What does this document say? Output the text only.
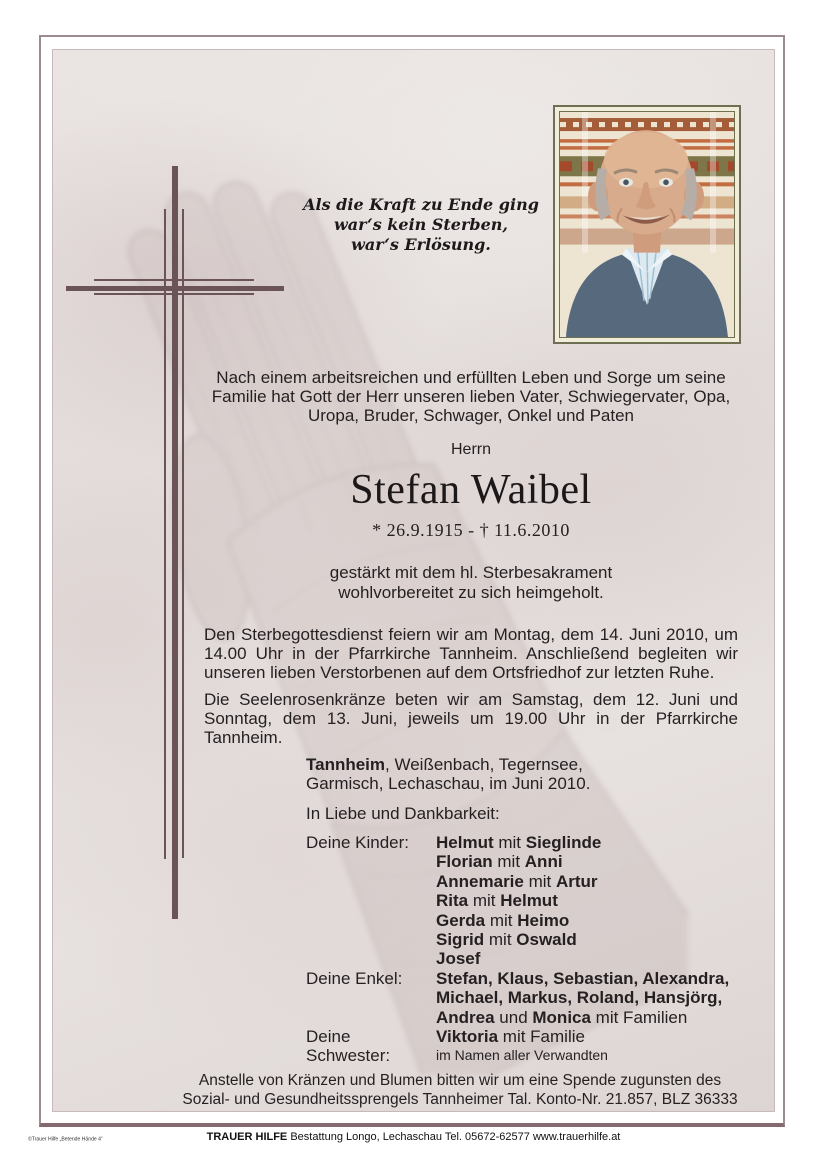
Als die Kraft zu Ende ging
war‘s kein Sterben,
war‘s Erlösung.
Nach einem arbeitsreichen und erfüllten Leben und Sorge um seine Familie hat Gott der Herr unseren lieben Vater, Schwiegervater, Opa, Uropa, Bruder, Schwager, Onkel und Paten
Herrn
Stefan Waibel
* 26.9.1915 - † 11.6.2010
gestärkt mit dem hl. Sterbesakrament
wohlvorbereitet zu sich heimgeholt.
Den Sterbegottesdienst feiern wir am Montag, dem 14. Juni 2010, um 14.00 Uhr in der Pfarrkirche Tannheim. Anschließend begleiten wir unseren lieben Verstorbenen auf dem Ortsfriedhof zur letzten Ruhe.
Die Seelenrosenkränze beten wir am Samstag, dem 12. Juni und Sonntag, dem 13. Juni, jeweils um 19.00 Uhr in der Pfarrkirche Tannheim.
Tannheim, Weißenbach, Tegernsee,
Garmisch, Lechaschau, im Juni 2010.
In Liebe und Dankbarkeit:
Deine Kinder:	Helmut mit Sieglinde
Florian mit Anni
Annemarie mit Artur
Rita mit Helmut
Gerda mit Heimo
Sigrid mit Oswald
Josef
Deine Enkel:	Stefan, Klaus, Sebastian, Alexandra,
Michael, Markus, Roland, Hansjörg,
Andrea und Monica mit Familien
Deine Schwester:
Viktoria mit Familie
im Namen aller Verwandten
Anstelle von Kränzen und Blumen bitten wir um eine Spende zugunsten des
Sozial- und Gesundheitssprengels Tannheimer Tal. Konto-Nr. 21.857, BLZ 36333
TRAUER HILFE Bestattung Longo, Lechaschau Tel. 05672-62577 www.trauerhilfe.at
©Trauer Hilfe „Betende Hände 4“
